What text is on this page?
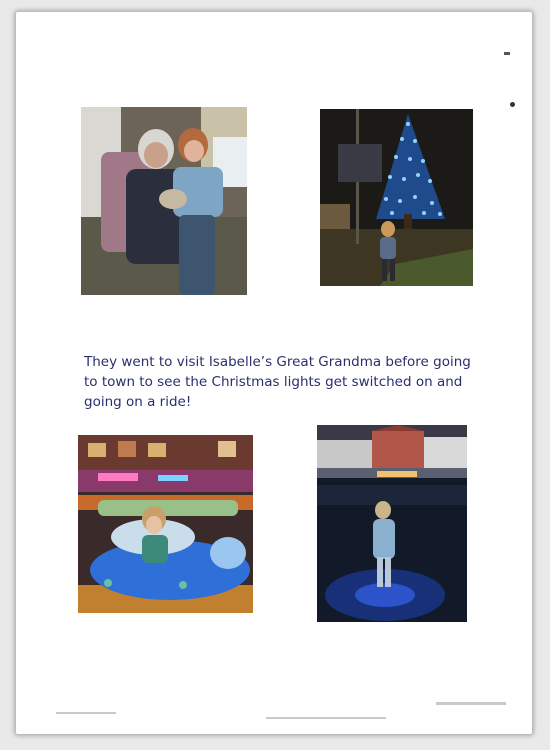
They went to visit Isabelle’s Great Grandma before going to town to see the Christmas lights get switched on and going on a ride!
